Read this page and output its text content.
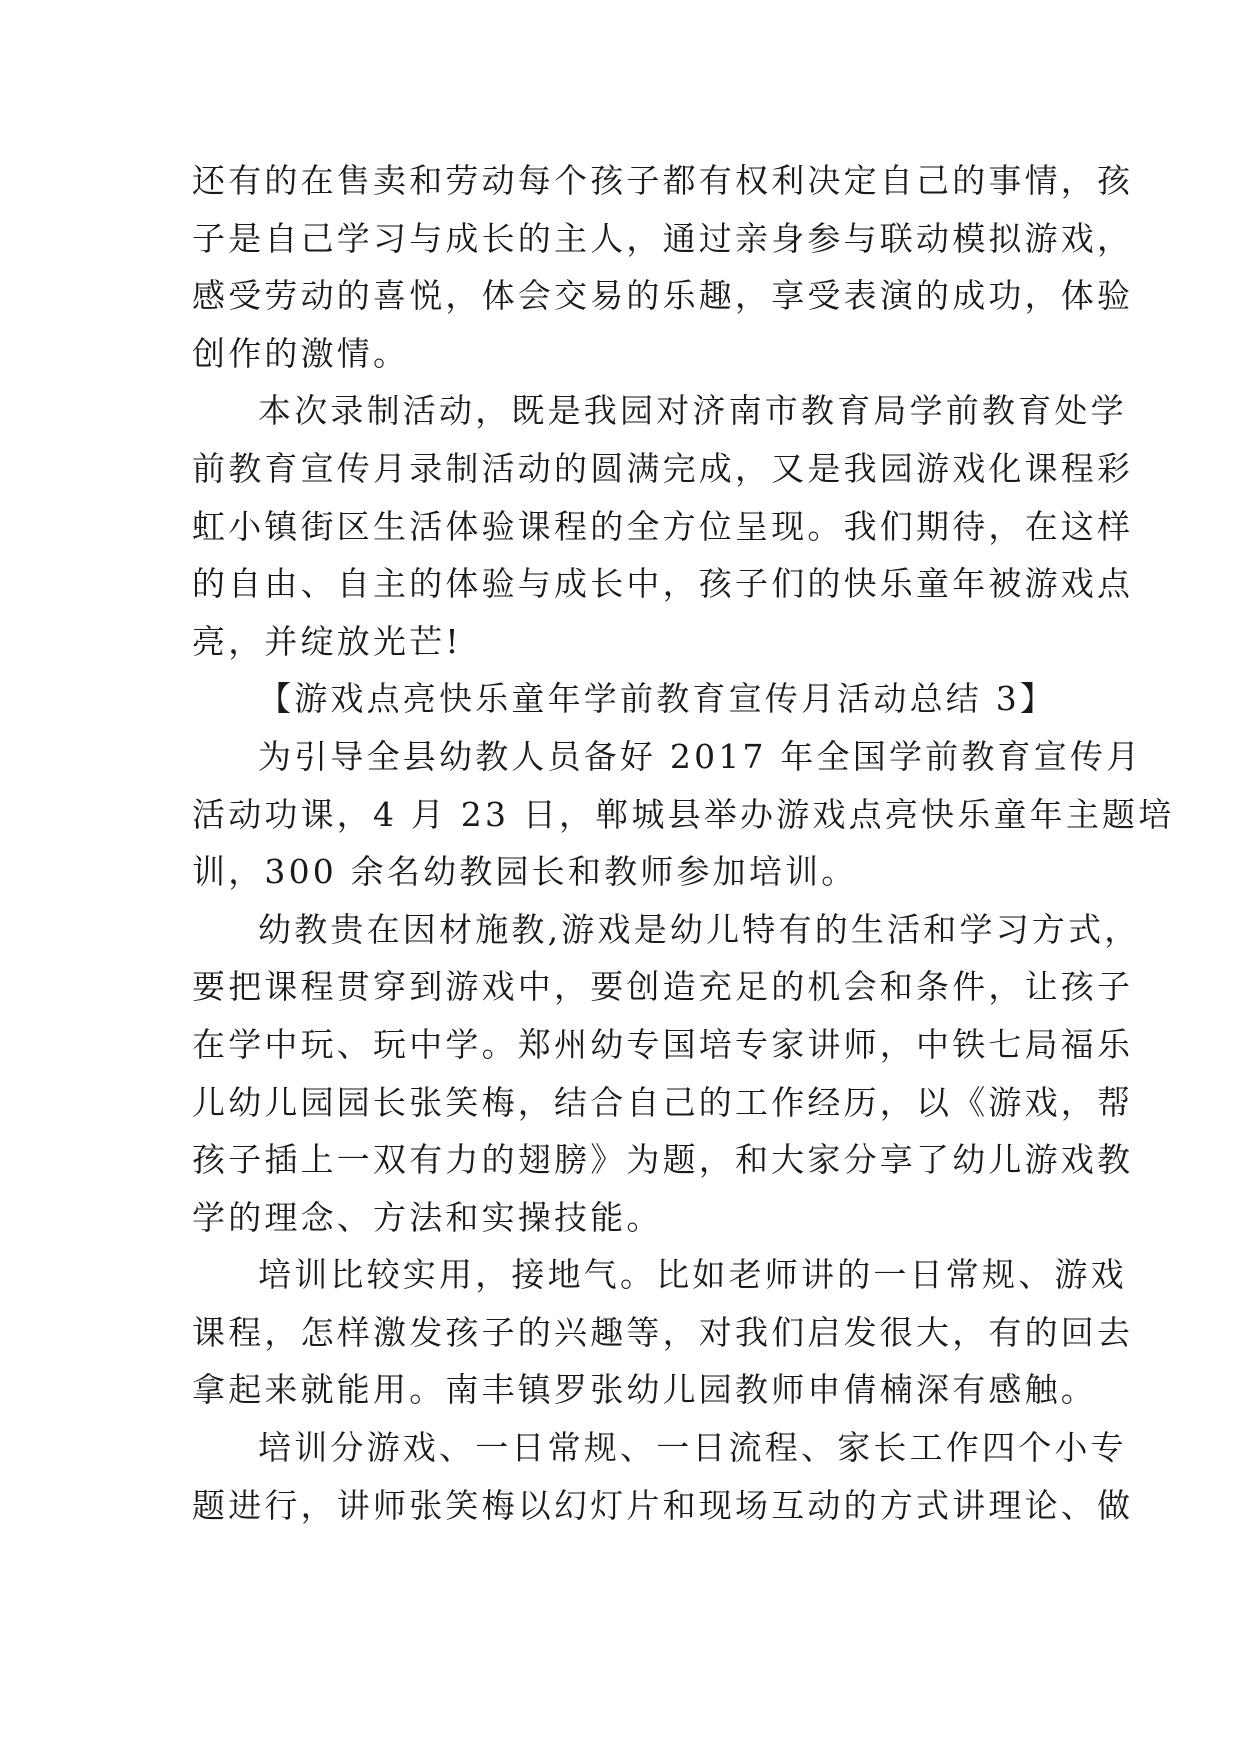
还有的在售卖和劳动每个孩子都有权利决定自己的事情，孩
子是自己学习与成长的主人，通过亲身参与联动模拟游戏，
感受劳动的喜悦，体会交易的乐趣，享受表演的成功，体验
创作的激情。
本次录制活动，既是我园对济南市教育局学前教育处学
前教育宣传月录制活动的圆满完成，又是我园游戏化课程彩
虹小镇街区生活体验课程的全方位呈现。我们期待，在这样
的自由、自主的体验与成长中，孩子们的快乐童年被游戏点
亮，并绽放光芒!
【游戏点亮快乐童年学前教育宣传月活动总结 3】
为引导全县幼教人员备好 2017 年全国学前教育宣传月
活动功课，4 月 23 日，郸城县举办游戏点亮快乐童年主题培
训，300 余名幼教园长和教师参加培训。
幼教贵在因材施教,游戏是幼儿特有的生活和学习方式，
要把课程贯穿到游戏中，要创造充足的机会和条件，让孩子
在学中玩、玩中学。郑州幼专国培专家讲师，中铁七局福乐
儿幼儿园园长张笑梅，结合自己的工作经历，以《游戏，帮
孩子插上一双有力的翅膀》为题，和大家分享了幼儿游戏教
学的理念、方法和实操技能。
培训比较实用，接地气。比如老师讲的一日常规、游戏
课程，怎样激发孩子的兴趣等，对我们启发很大，有的回去
拿起来就能用。南丰镇罗张幼儿园教师申倩楠深有感触。
培训分游戏、一日常规、一日流程、家长工作四个小专
题进行，讲师张笑梅以幻灯片和现场互动的方式讲理论、做
